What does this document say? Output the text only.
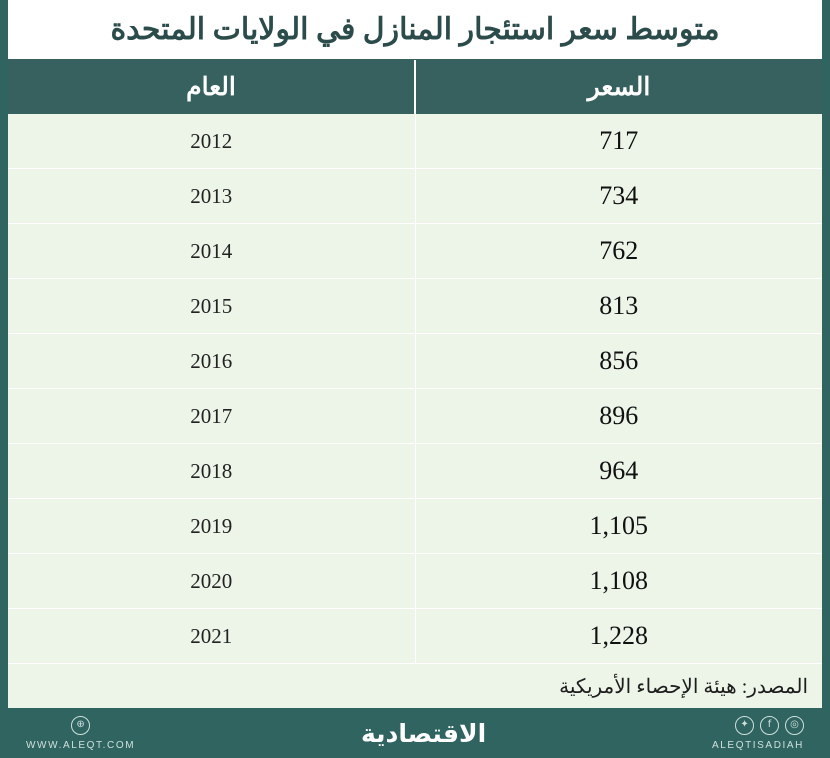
متوسط سعر استئجار المنازل في الولايات المتحدة
السعر	العام
717	2012
734	2013
762	2014
813	2015
856	2016
896	2017
964	2018
1,105	2019
1,108	2020
1,228	2021
المصدر: هيئة الإحصاء الأمريكية
◎
f
✦
ALEQTISADIAH
الاقتصادية
⊕
WWW.ALEQT.COM
